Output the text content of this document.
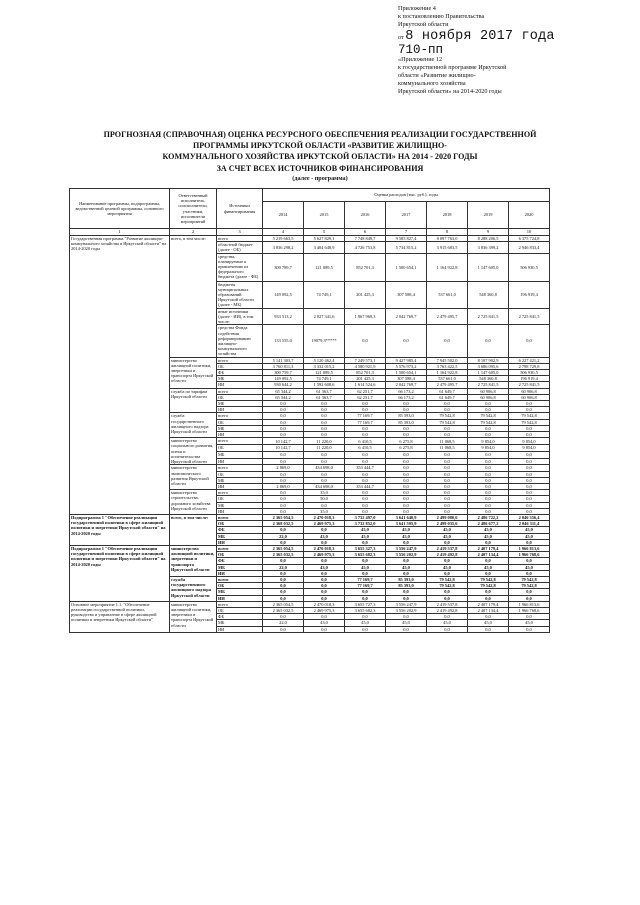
Приложение 4
к постановлению Правительства
Иркутской области
от 8 ноября 2017 года
710-пп
«Приложение 12
к государственной программе Иркутской
области «Развитие жилищно-
коммунального хозяйства
Иркутской области» на 2014-2020 годы
ПРОГНОЗНАЯ (СПРАВОЧНАЯ) ОЦЕНКА РЕСУРСНОГО ОБЕСПЕЧЕНИЯ РЕАЛИЗАЦИИ ГОСУДАРСТВЕННОЙ
ПРОГРАММЫ ИРКУТСКОЙ ОБЛАСТИ «РАЗВИТИЕ ЖИЛИЩНО-
КОММУНАЛЬНОГО ХОЗЯЙСТВА ИРКУТСКОЙ ОБЛАСТИ» НА 2014 - 2020 ГОДЫ
ЗА СЧЕТ ВСЕХ ИСТОЧНИКОВ ФИНАНСИРОВАНИЯ
(далее - программа)
Наименование программы, подпрограммы, ведомственной целевой программы, основного мероприятия	Ответственный исполнитель, соисполнители, участники, исполнители мероприятий	Источники финансирования	Оценка расходов (тыс. руб.), годы						
			2014	2015	2016	2017	2018	2019	2020
1	2	3	4	5	6	7	8	9	10
Государственная программа "Развитие жилищно-коммунального хозяйства в Иркутской области" на 2014-2020 годы	всего, в том числе:	всего	5 219 663,5	5 627 829,1	7 748 849,7	9 585 827,4	8 097 763,0	8 288 206,5	6 375 724,8
		областной бюджет (далее - ОБ)	3 836 298,2	3 404 648,9	4 726 753,8	5 734 815,2	3 915 683,5	3 836 399,2	2 946 833,4
		средства, планируемые к привлечению из федерального бюджета (далее - ФБ)	300 789,7	121 089,5	852 701,3	1 500 654,1	1 164 922,8	1 147 605,0	506 930,5
		бюджеты муниципальных образований Иркутской области (далее - МБ)	149 092,5	74 749,1	201 425,3	307 588,4	537 661,0	548 360,8	196 919,4
		иные источники (далее - ИИ), в том числе:	933 513,2	2 027 341,6	1 967 969,3	2 042 769,7	2 479 495,7	2 725 841,5	2 725 841,5
		средства Фонда содействия реформированию жилищно-коммунального хозяйства	133 555,0	19079,3*****	0,0	0,0	0,0	0,0	0,0
	министерство жилищной политики, энергетики и транспорта Иркутской области	всего	5 141 303,7	5 120 462,4	7 249 573,1	9 427 985,4	7 945 502,0	8 107 902,9	6 227 421,2
		ОБ	3 760 811,3	3 332 015,2	4 580 921,9	5 576 973,2	3 763 422,5	3 686 095,6	2 798 729,8
		ФБ	300 759,7	121 089,5	852 701,3	1 500 654,1	1 164 922,8	1 147 605,0	506 930,5
		МБ	149 092,5	74 749,1	201 425,3	307 588,4	537 661,0	548 360,8	196 919,4
		ИИ	930 644,2	1 592 608,6	1 614 524,6	2 042 769,7	2 479 495,7	2 725 841,5	2 725 841,5
	служба по тарифам Иркутской области	всего	65 344,2	61 363,7	62 251,7	66 173,2	61 649,7	60 906,8	60 906,8
		ОБ	65 344,2	61 363,7	62 251,7	66 173,2	61 649,7	60 906,8	60 906,8
		МБ	0,0	0,0	0,0	0,0	0,0	0,0	0,0
		ИИ	0,0	0,0	0,0	0,0	0,0	0,0	0,0
	служба государственного жилищного надзора Иркутской области	всего	0,0	0,0	77 169,7	85 393,0	79 542,8	79 542,8	79 542,8
		ОБ	0,0	0,0	77 169,7	85 393,0	79 542,8	79 542,8	79 542,8
		МБ	0,0	0,0	0,0	0,0	0,0	0,0	0,0
		ИИ	0,0	0,0	0,0	0,0	0,0	0,0	0,0
	министерство социального развития, опеки и попечительства Иркутской области	всего	10 142,7	11 220,0	6 410,5	6 275,8	11 068,5	9 854,0	9 854,0
		ОБ	10 142,7	11 220,0	6 410,5	6 275,8	11 068,5	9 854,0	9 854,0
		МБ	0,0	0,0	0,0	0,0	0,0	0,0	0,0
		ИИ	0,0	0,0	0,0	0,0	0,0	0,0	0,0
	министерство экономического развития Иркутской области	всего	2 869,0	434 698,0	353 444,7	0,0	0,0	0,0	0,0
		ОБ	0,0	0,0	0,0	0,0	0,0	0,0	0,0
		МБ	0,0	0,0	0,0	0,0	0,0	0,0	0,0
		ИИ	2 869,0	434 698,0	353 444,7	0,0	0,0	0,0	0,0
	министерство строительства, дорожного хозяйства Иркутской области	всего	0,0	35,0	0,0	0,0	0,0	0,0	0,0
		ОБ	0,0	50,0	0,0	0,0	0,0	0,0	0,0
		МБ	0,0	0,0	0,0	0,0	0,0	0,0	0,0
		ИИ	0,0	35,0	0,0	0,0	0,0	0,0	0,0
Подпрограмма 1 "Обеспечение реализации государственной политики в сфере жилищной политики и энергетики Иркутской области" на 2014-2020 годы	всего, в том числе:	всего	2 365 054,5	2 470 018,3	3 732 497,0	3 641 640,9	2 499 080,6	2 486 722,2	2 046 356,4
		ОБ	2 368 032,5	2 469 975,3	3 732 852,0	3 641 595,9	2 499 035,6	2 486 677,2	2 046 311,4
		ФБ	0,0	0,0	45,0	45,0	45,0	45,0	45,0
		МБ	22,0	43,0	45,0	45,0	45,0	45,0	45,0
		ИИ	0,0	0,0	0,0	0,0	0,0	0,0	0,0
Подпрограмма 1 "Обеспечение реализации государственной политики в сфере жилищной политики и энергетики Иркутской области" на 2014-2020 годы	министерство жилищной политики, энергетики и транспорта Иркутской области	всего	2 365 054,5	2 470 018,3	3 655 327,3	3 556 247,9	2 419 537,8	2 407 179,4	1 966 813,6
		ОБ	2 365 032,5	2 469 975,3	3 655 682,3	3 556 202,9	2 419 492,8	2 407 134,4	1 966 768,6
		ФБ	0,0	0,0	0,0	0,0	0,0	0,0	0,0
		МБ	22,0	43,0	45,0	45,0	45,0	45,0	45,0
		ИИ	0,0	0,0	0,0	0,0	0,0	0,0	0,0
	служба государственного жилищного надзора Иркутской области	всего	0,0	0,0	77 169,7	85 393,0	79 542,8	79 542,8	79 542,8
		ОБ	0,0	0,0	77 169,7	85 393,0	79 542,8	79 542,8	79 542,8
		МБ	0,0	0,0	0,0	0,0	0,0	0,0	0,0
		ИИ	0,0	0,0	0,0	0,0	0,0	0,0	0,0
Основное мероприятие 1.1. "Обеспечение реализации государственной политики, руководство и управление в сфере жилищной политики и энергетики Иркутской области"	министерство жилищной политики, энергетики и транспорта Иркутской области	всего	2 365 054,5	2 470 018,3	3 655 727,3	3 556 247,9	2 419 537,8	2 407 179,4	1 966 813,6
		ОБ	2 365 032,5	2 469 975,3	3 655 682,3	3 556 202,9	2 419 492,8	2 407 134,4	1 966 768,6
		ФБ	0,0	0,0	0,0	0,0	0,0	0,0	0,0
		МБ	22,0	43,0	45,0	45,0	45,0	45,0	45,0
		ИИ	0,0	0,0	0,0	0,0	0,0	0,0	0,0
